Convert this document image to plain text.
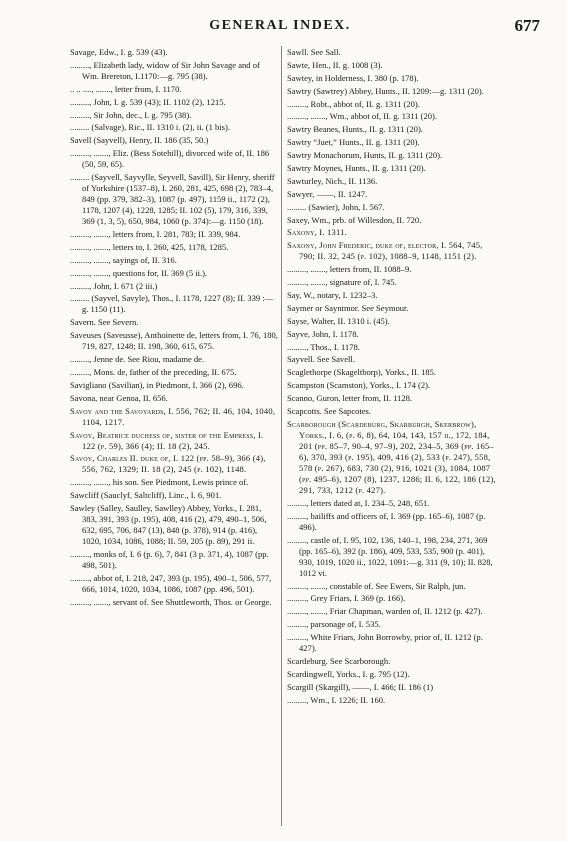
GENERAL INDEX.	677
Savage, Edw., I. g. 539 (43).
........., Elizabeth lady, widow of Sir John Savage and of Wm. Brereton, I.1170:—g. 795 (38).
.. .. ...., ......., letter from, I. 1170.
........., John, I. g. 539 (43); II. 1102 (2), 1215.
........., Sir John, dec., I. g. 795 (38).
......... (Salvage), Ric., II. 1310 i. (2), ii. (1 bis).
Savell (Sayvell), Henry, II. 186 (35, 50.)
........., ......., Eliz. (Bess Sotehill), divorced wife of, II. 186 (50, 59, 65).
......... (Sayvell, Sayvylle, Seyvell, Savill), Sir Henry, sheriff of Yorkshire (1537–8), I. 260, 281, 425, 698 (2), 783–4, 849 (pp. 379, 382–3), 1087 (p. 497), 1159 ii., 1172 (2), 1178, 1207 (4), 1228, 1285; II. 102 (5), 179, 316, 339, 369 (1, 3, 5), 650, 984, 1060 (p. 374):—g. 1150 (18).
........., ......., letters from, I. 281, 783; II. 339, 984.
........., ......., letters to, I. 260, 425, 1178, 1285.
........., ......., sayings of, II. 316.
........., ......., questions for, II. 369 (5 ii.).
........., John, I. 671 (2 iii.)
......... (Sayvel, Savyle), Thos., I. 1178, 1227 (8); II. 339 :—g. 1150 (11).
Savern. See Severn.
Saveuses (Saveusse), Anthoinette de, letters from, I. 76, 180, 719, 827, 1248; II. 198, 360, 615, 675.
........., Jenne de. See Riou, madame de.
........., Mons. de, father of the preceding, II. 675.
Savigliano (Savilian), in Piedmont, I. 366 (2), 696.
Savona, near Genoa, II. 656.
Savoy and the Savoyards, I. 556, 762; II. 46, 104, 1040, 1104, 1217.
Savoy, Beatrice duchess of, sister of the Empress, I. 122 (p. 59), 366 (4); II. 18 (2), 245.
Savoy, Charles II. duke of, I. 122 (pp. 58–9), 366 (4), 556, 762, 1329; II. 18 (2), 245 (p. 102), 1148.
........., ......., his son. See Piedmont, Lewis prince of.
Sawcliff (Sauclyf, Saltcliff), Linc., I. 6, 901.
Sawley (Salley, Saulley, Sawlley) Abbey, Yorks., I. 281, 383, 391, 393 (p. 195), 408, 416 (2), 479, 490–1, 506, 632, 695, 706, 847 (13), 848 (p. 378), 914 (p. 416), 1020, 1034, 1086, 1088; II. 59, 205 (p. 89), 291 ii.
........., monks of, I. 6 (p. 6), 7, 841 (3 p. 371, 4), 1087 (pp. 498, 501).
........., abbot of, I. 218, 247, 393 (p. 195), 490–1, 506, 577, 666, 1014, 1020, 1034, 1086, 1087 (pp. 496, 501).
........., ......., servant of. See Shuttleworth, Thos. or George.
Sawll. See Sall.
Sawte, Hen., II. g. 1008 (3).
Sawtey, in Holderness, I. 380 (p. 178).
Sawtry (Sawtrey) Abbey, Hunts., II. 1209:—g. 1311 (20).
........., Robt., abbot of, II. g. 1311 (20).
........., ......., Wm., abbot of, II. g. 1311 (20).
Sawtry Beanes, Hunts., II. g. 1311 (20).
Sawtry “Juet,” Hunts., II. g. 1311 (20).
Sawtry Monachorum, Hunts, II. g. 1311 (20).
Sawtry Moynes, Hunts., II. g. 1311 (20).
Sawturley, Nich., II. 1136.
Sawyer, ——, II. 1247.
......... (Sawier), John, I. 567.
Saxey, Wm., prb. of Willesdon, II. 720.
Saxony, I. 1311.
Saxony, John Frederic, duke of, elector, I. 564, 745, 790; II. 32, 245 (p. 102), 1088–9, 1148, 1151 (2).
........., ......., letters from, II. 1088–9.
........., ......., signature of, I. 745.
Say, W., notary, I. 1232–3.
Saymer or Sayntmor. See Seymour.
Sayse, Walter, II. 1310 i. (45).
Sayve, John, I. 1178.
........., Thos., I. 1178.
Sayvell. See Savell.
Scaglethorpe (Skageltborp), Yorks., II. 185.
Scampston (Scamston), Yorks., I. 174 (2).
Scanno, Guron, letter from, II. 1128.
Scapcotts. See Sapcotes.
Scarborough (Scardeburg, Skarburgh, Skerbrow), Yorks., I. 6, (p. 6, 8), 64, 104, 143, 157 ii., 172, 184, 201 (pp. 85–7, 90–4, 97–9), 202, 234–5, 369 (pp. 165–6), 370, 393 (p. 195), 409, 416 (2), 533 (p. 247), 558, 578 (p. 267), 683, 730 (2), 916, 1021 (3), 1084, 1087 (pp. 495–6), 1207 (8), 1237, 1286; II. 6, 122, 186 (12), 291, 733, 1212 (p. 427).
........., letters dated at, I. 234–5, 248, 651.
........., bailiffs and officers of, I. 369 (pp. 165–6), 1087 (p. 496).
........., castle of, I. 95, 102, 136, 140–1, 198, 234, 271, 369 (pp. 165–6), 392 (p. 186), 409, 533, 535, 900 (p. 401), 930, 1019, 1020 ii., 1022, 1091:—g. 311 (9, 10); II. 828, 1012 vi.
........., ......., constable of. See Ewers, Sir Ralph, jun.
........., Grey Friars, I. 369 (p. 166).
........., ......., Friar Chapman, warden of, II. 1212 (p. 427).
........., parsonage of, I. 535.
........., White Friars, John Borrowby, prior of, II. 1212 (p. 427).
Scardeburg. See Scarborough.
Scardingwell, Yorks., I. g. 795 (12).
Scargill (Skargill), ——, I. 466; II. 186 (1)
........., Wm., I. 1226; II. 160.
